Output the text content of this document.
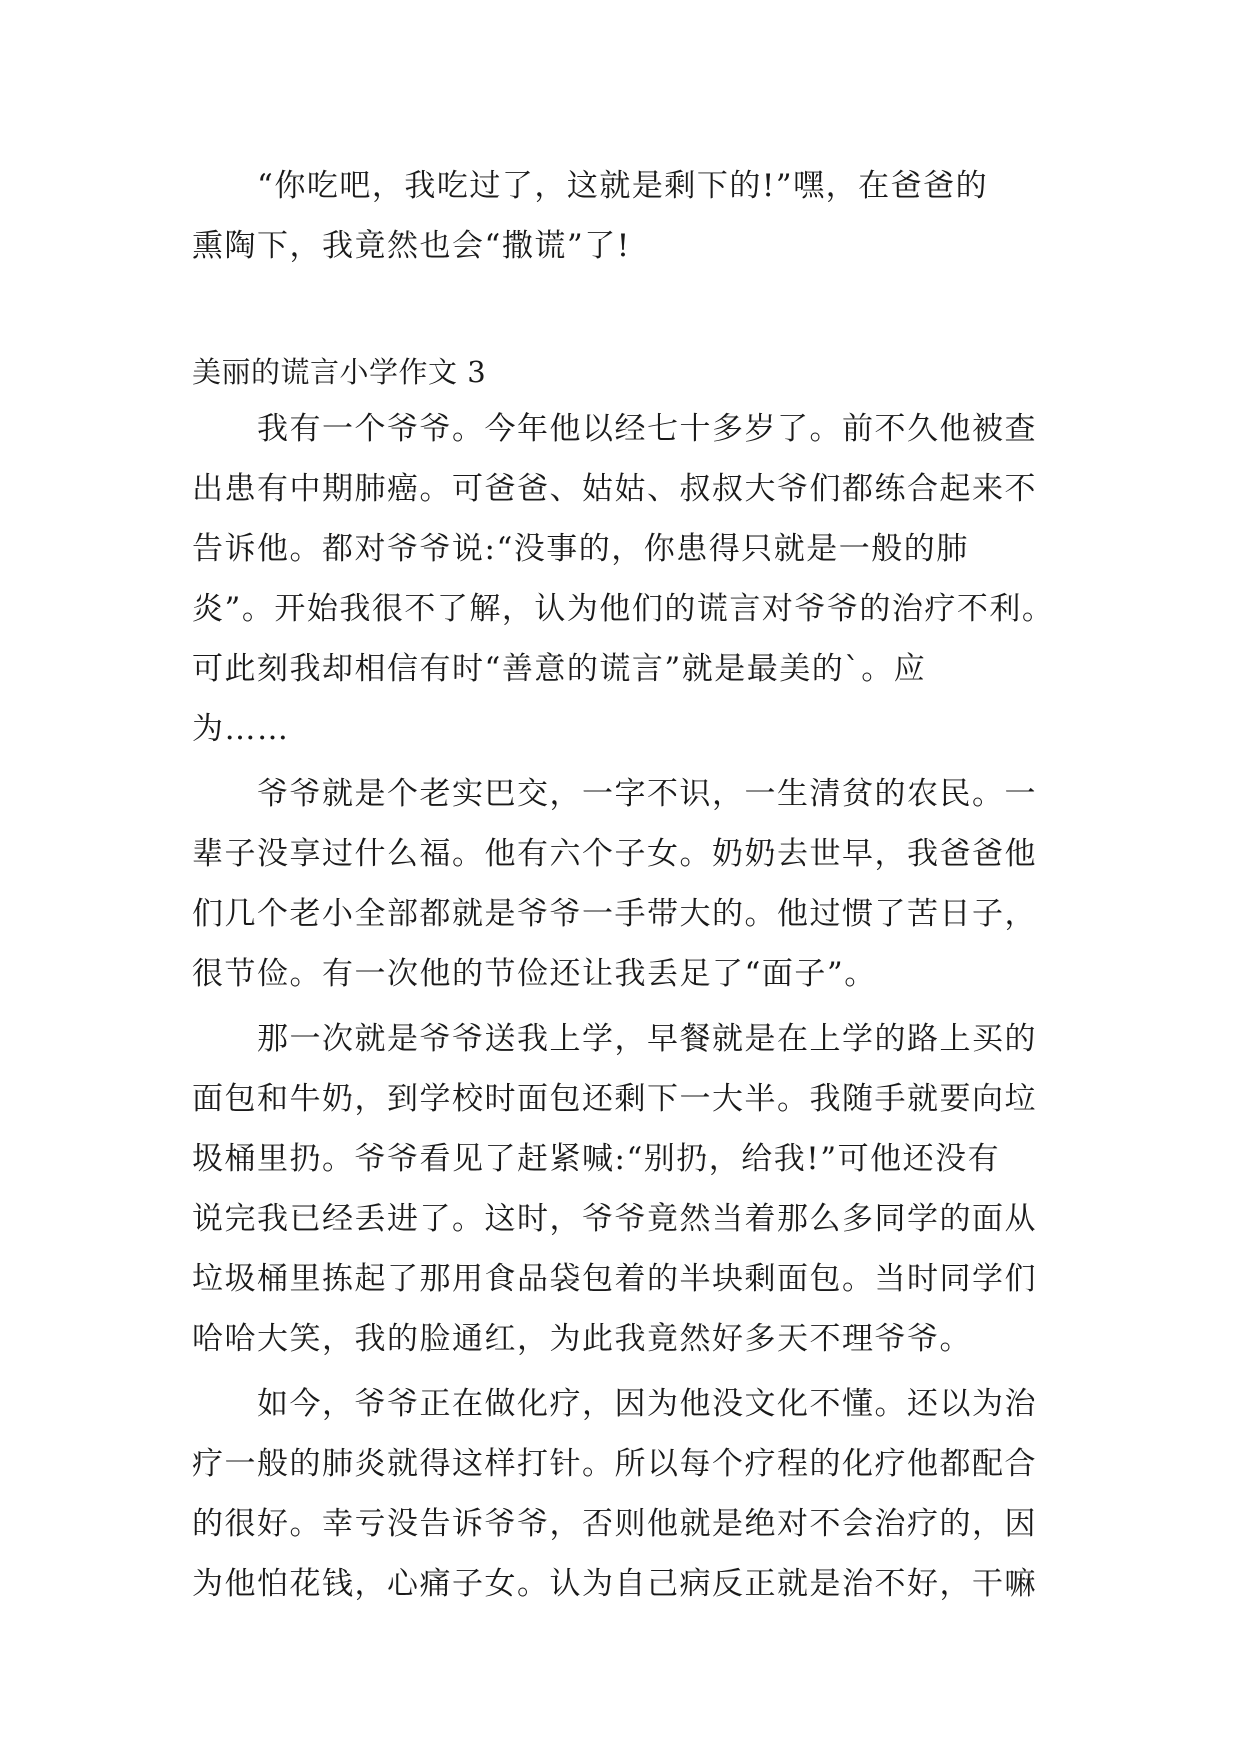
　　“你吃吧，我吃过了，这就是剩下的!”嘿，在爸爸的
熏陶下，我竟然也会“撒谎”了!
美丽的谎言小学作文 3
　　我有一个爷爷。今年他以经七十多岁了。前不久他被查
出患有中期肺癌。可爸爸、姑姑、叔叔大爷们都练合起来不
告诉他。都对爷爷说:“没事的，你患得只就是一般的肺
炎”。开始我很不了解，认为他们的谎言对爷爷的治疗不利。
可此刻我却相信有时“善意的谎言”就是最美的`。应
为……
　　爷爷就是个老实巴交，一字不识，一生清贫的农民。一
辈子没享过什么福。他有六个子女。奶奶去世早，我爸爸他
们几个老小全部都就是爷爷一手带大的。他过惯了苦日子，
很节俭。有一次他的节俭还让我丢足了“面子”。
　　那一次就是爷爷送我上学，早餐就是在上学的路上买的
面包和牛奶，到学校时面包还剩下一大半。我随手就要向垃
圾桶里扔。爷爷看见了赶紧喊:“别扔，给我!”可他还没有
说完我已经丢进了。这时，爷爷竟然当着那么多同学的面从
垃圾桶里拣起了那用食品袋包着的半块剩面包。当时同学们
哈哈大笑，我的脸通红，为此我竟然好多天不理爷爷。
　　如今，爷爷正在做化疗，因为他没文化不懂。还以为治
疗一般的肺炎就得这样打针。所以每个疗程的化疗他都配合
的很好。幸亏没告诉爷爷，否则他就是绝对不会治疗的，因
为他怕花钱，心痛子女。认为自己病反正就是治不好，干嘛
